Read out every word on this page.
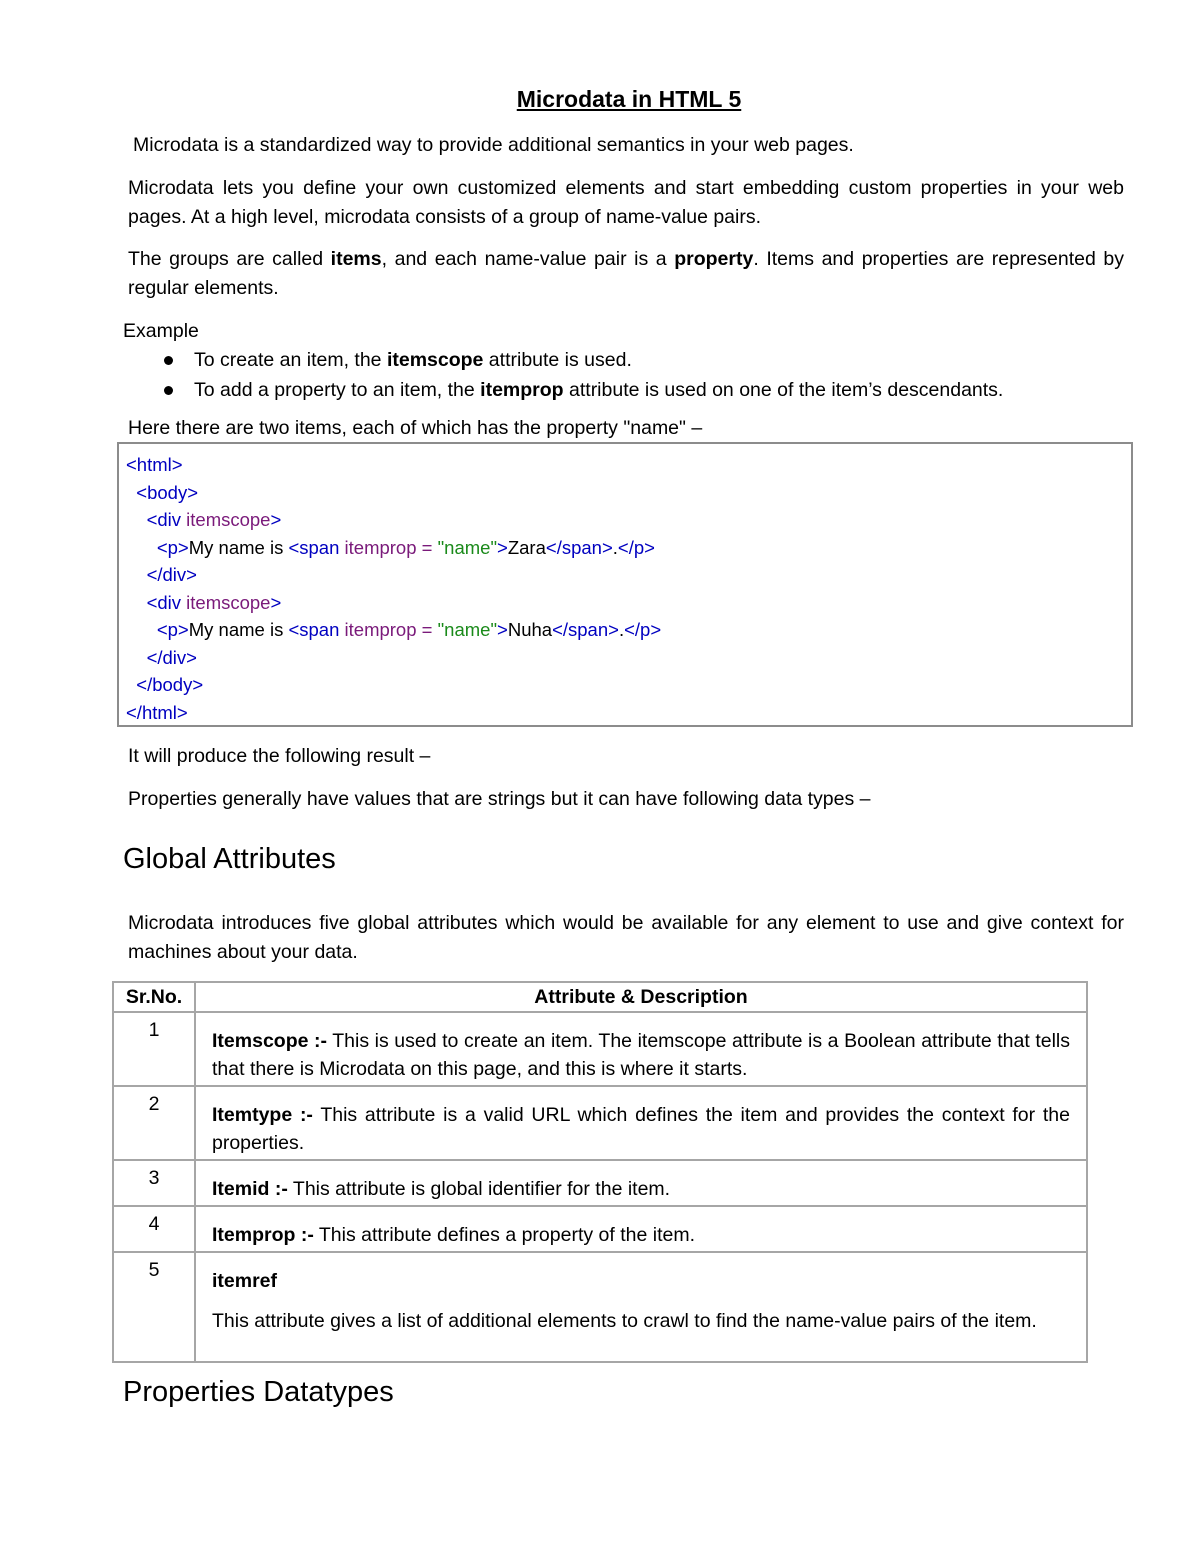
Microdata in HTML 5
Microdata is a standardized way to provide additional semantics in your web pages.
Microdata lets you define your own customized elements and start embedding custom properties in your web pages. At a high level, microdata consists of a group of name-value pairs.
The groups are called items, and each name-value pair is a property. Items and properties are represented by regular elements.
Example
To create an item, the itemscope attribute is used.
To add a property to an item, the itemprop attribute is used on one of the item’s descendants.
Here there are two items, each of which has the property "name" –
<html>
<body>
<div itemscope>
<p>My name is <span itemprop = "name">Zara</span>.</p>
</div>
<div itemscope>
<p>My name is <span itemprop = "name">Nuha</span>.</p>
</div>
</body>
</html>
It will produce the following result –
Properties generally have values that are strings but it can have following data types –
Global Attributes
Microdata introduces five global attributes which would be available for any element to use and give context for machines about your data.
Sr.No.	Attribute & Description
1	Itemscope :- This is used to create an item. The itemscope attribute is a Boolean attribute that tells that there is Microdata on this page, and this is where it starts.
2	Itemtype :- This attribute is a valid URL which defines the item and provides the context for the properties.
3	Itemid :- This attribute is global identifier for the item.
4	Itemprop :- This attribute defines a property of the item.
5	itemref

This attribute gives a list of additional elements to crawl to find the name-value pairs of the item.

Properties Datatypes
